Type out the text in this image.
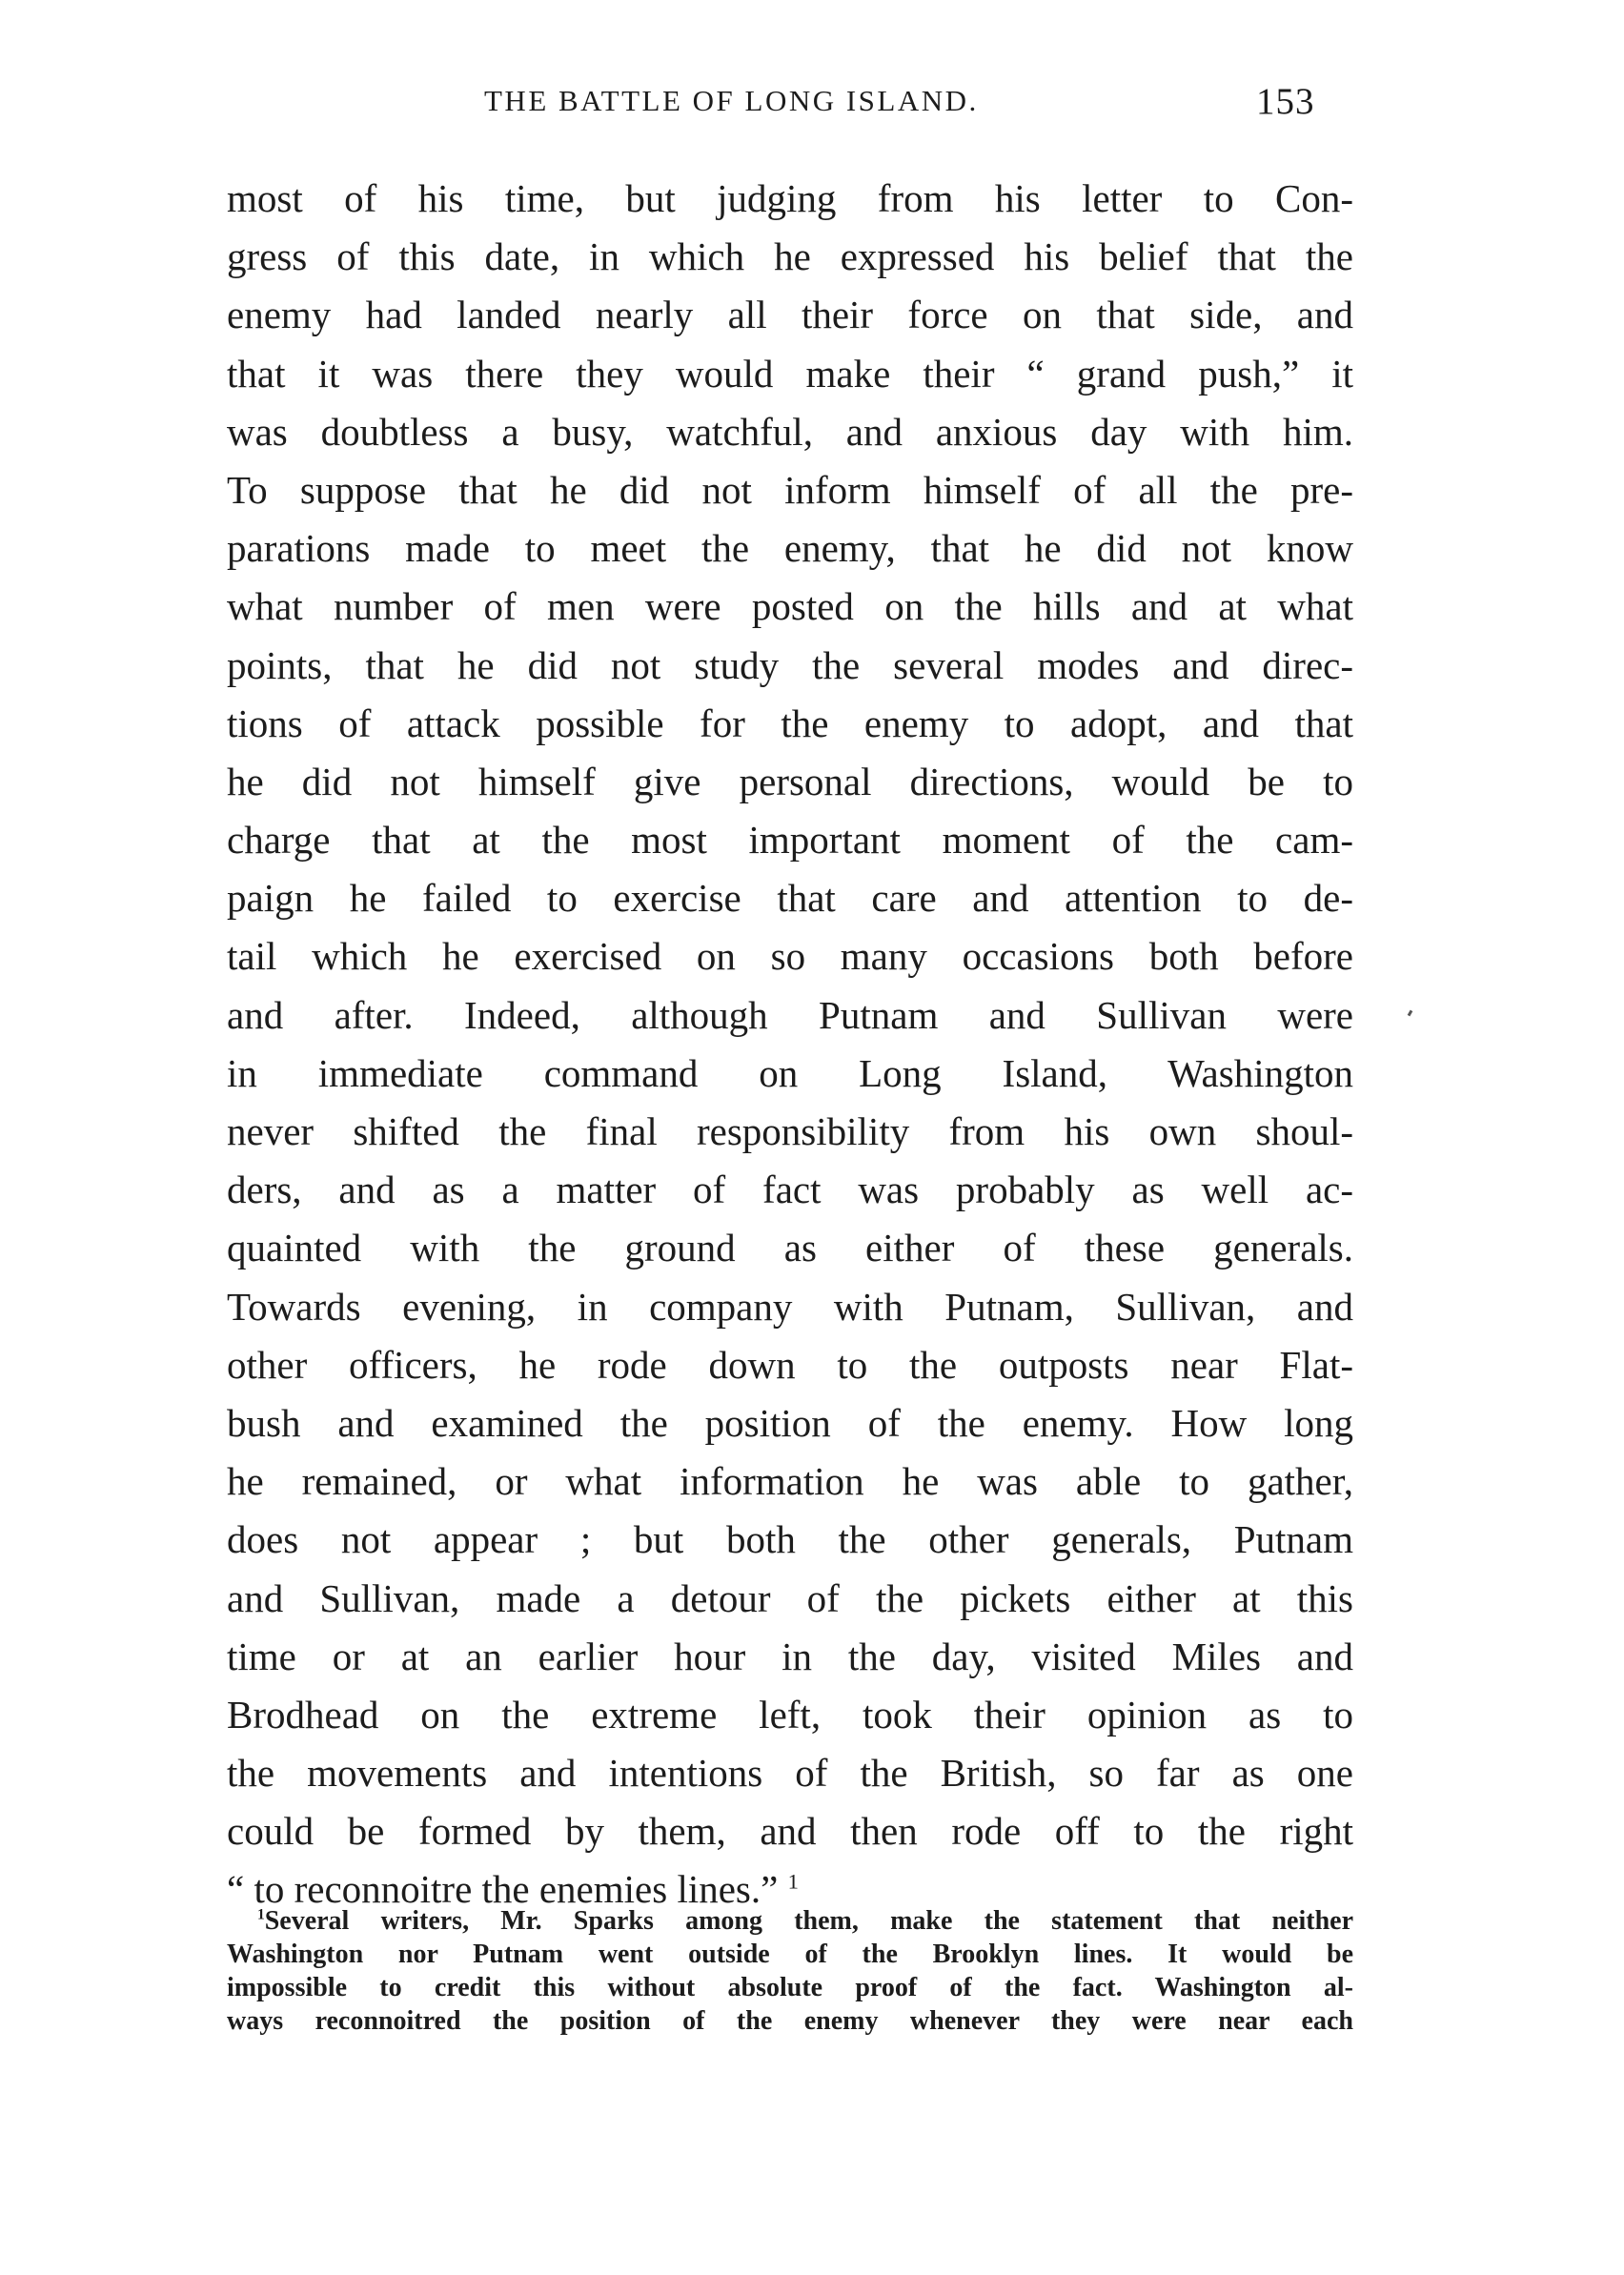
THE BATTLE OF LONG ISLAND.	153
most of his time, but judging from his letter to Con-
gress of this date, in which he expressed his belief that the
enemy had landed nearly all their force on that side, and
that it was there they would make their “ grand push,” it
was doubtless a busy, watchful, and anxious day with him.
To suppose that he did not inform himself of all the pre-
parations made to meet the enemy, that he did not know
what number of men were posted on the hills and at what
points, that he did not study the several modes and direc-
tions of attack possible for the enemy to adopt, and that
he did not himself give personal directions, would be to
charge that at the most important moment of the cam-
paign he failed to exercise that care and attention to de-
tail which he exercised on so many occasions both before
and after. Indeed, although Putnam and Sullivan were
in immediate command on Long Island, Washington
never shifted the final responsibility from his own shoul-
ders, and as a matter of fact was probably as well ac-
quainted with the ground as either of these generals.
Towards evening, in company with Putnam, Sullivan, and
other officers, he rode down to the outposts near Flat-
bush and examined the position of the enemy. How long
he remained, or what information he was able to gather,
does not appear ; but both the other generals, Putnam
and Sullivan, made a detour of the pickets either at this
time or at an earlier hour in the day, visited Miles and
Brodhead on the extreme left, took their opinion as to
the movements and intentions of the British, so far as one
could be formed by them, and then rode off to the right
“ to reconnoitre the enemies lines.” $^1$
$^1$Several writers, Mr. Sparks among them, make the statement that neither
Washington nor Putnam went outside of the Brooklyn lines. It would be
impossible to credit this without absolute proof of the fact. Washington al-
ways reconnoitred the position of the enemy whenever they were near each
